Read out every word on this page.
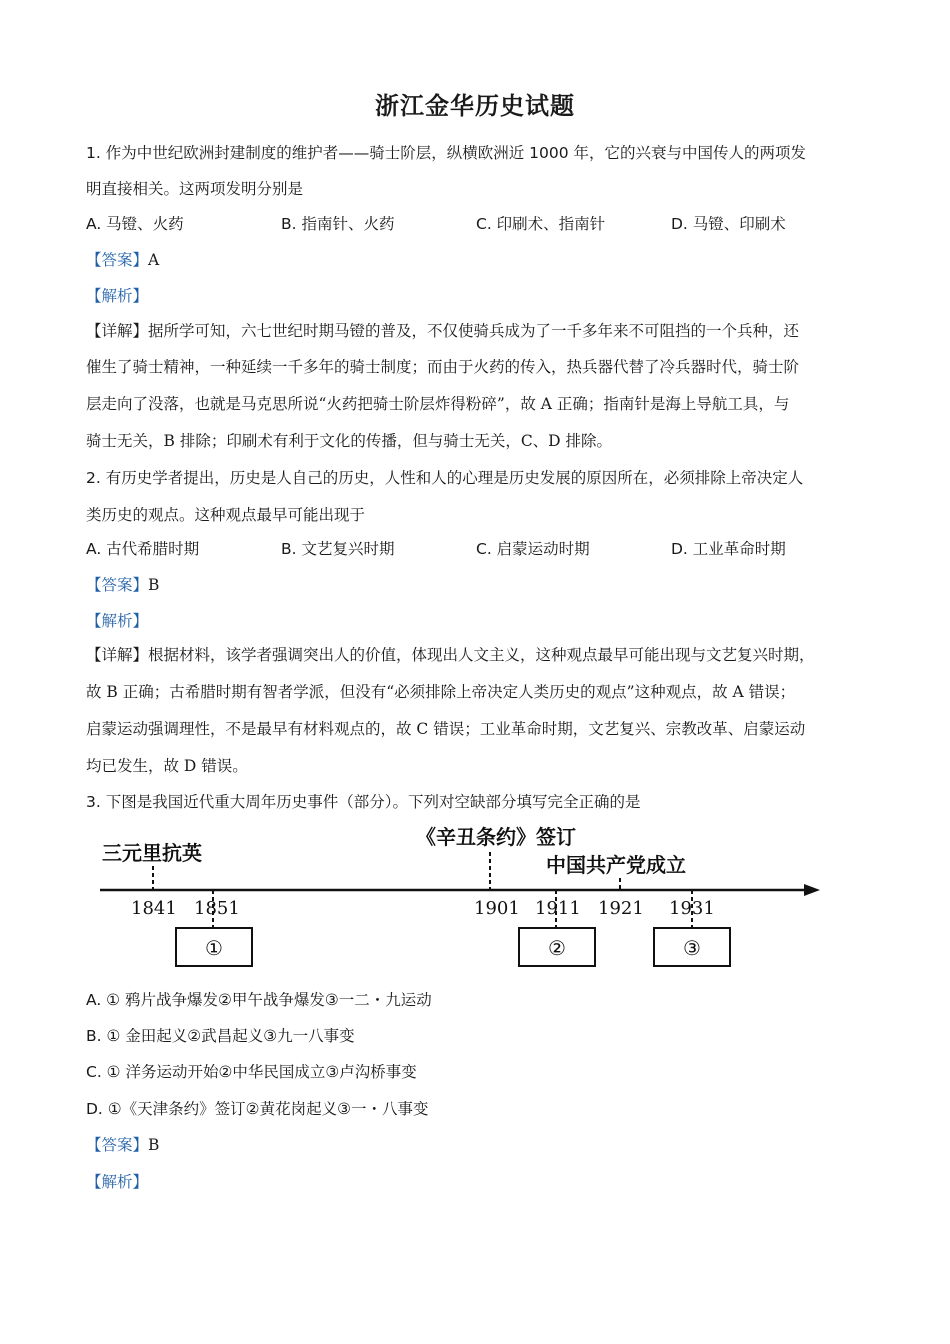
浙江金华历史试题
1. 作为中世纪欧洲封建制度的维护者——骑士阶层，纵横欧洲近 1000 年，它的兴衰与中国传人的两项发
明直接相关。这两项发明分别是
A. 马镫、火药	B. 指南针、火药	C. 印刷术、指南针	D. 马镫、印刷术
【答案】A
【解析】
【详解】据所学可知，六七世纪时期马镫的普及，不仅使骑兵成为了一千多年来不可阻挡的一个兵种，还
催生了骑士精神，一种延续一千多年的骑士制度；而由于火药的传入，热兵器代替了冷兵器时代，骑士阶
层走向了没落，也就是马克思所说“火药把骑士阶层炸得粉碎”，故 A 正确；指南针是海上导航工具，与
骑士无关，B 排除；印刷术有利于文化的传播，但与骑士无关，C、D 排除。
2. 有历史学者提出，历史是人自己的历史，人性和人的心理是历史发展的原因所在，必须排除上帝决定人
类历史的观点。这种观点最早可能出现于
A. 古代希腊时期	B. 文艺复兴时期	C. 启蒙运动时期	D. 工业革命时期
【答案】B
【解析】
【详解】根据材料，该学者强调突出人的价值，体现出人文主义，这种观点最早可能出现与文艺复兴时期，
故 B 正确；古希腊时期有智者学派，但没有“必须排除上帝决定人类历史的观点”这种观点，故 A 错误；
启蒙运动强调理性，不是最早有材料观点的，故 C 错误；工业革命时期，文艺复兴、宗教改革、启蒙运动
均已发生，故 D 错误。
3. 下图是我国近代重大周年历史事件（部分）。下列对空缺部分填写完全正确的是
三元里抗英
《辛丑条约》签订
中国共产党成立
1841 1851	1901 1911 1921 1931
①	②	③
A. ① 鸦片战争爆发②甲午战争爆发③一二・九运动
B. ① 金田起义②武昌起义③九一八事变
C. ① 洋务运动开始②中华民国成立③卢沟桥事变
D. ①《天津条约》签订②黄花岗起义③一・八事变
【答案】B
【解析】
